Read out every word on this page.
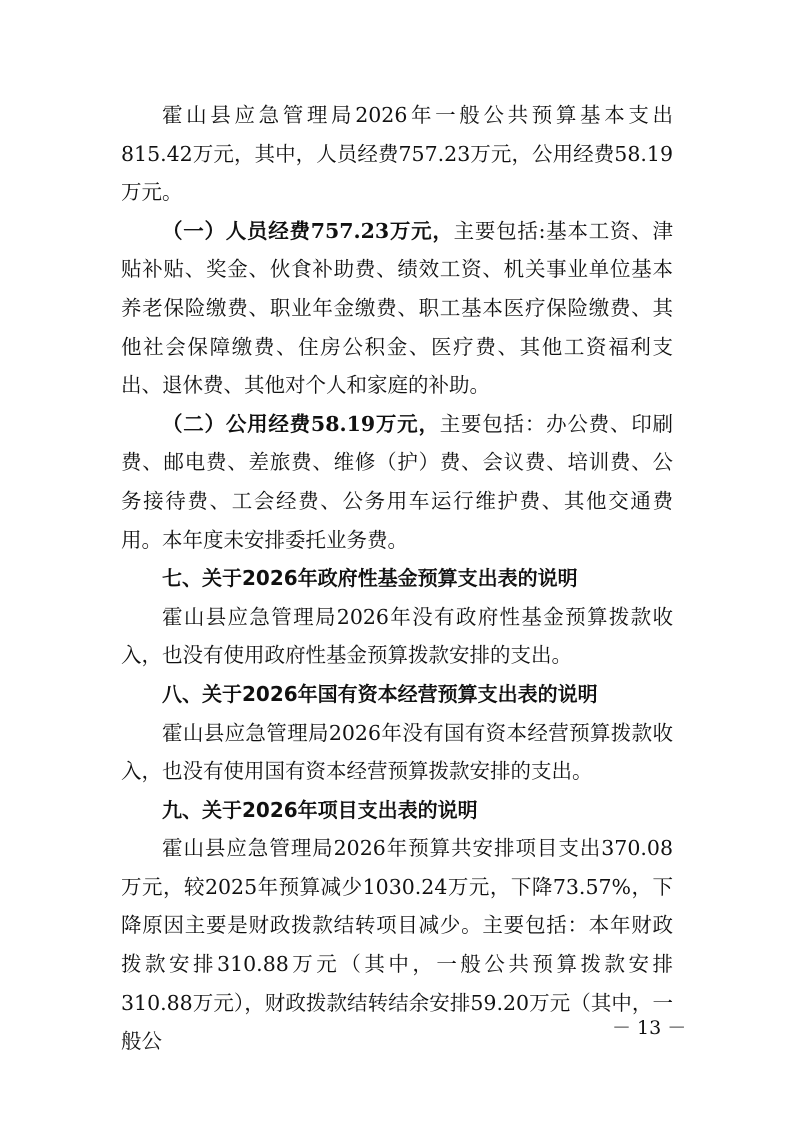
霍山县应急管理局2026年一般公共预算基本支出815.42万元，其中，人员经费757.23万元，公用经费58.19万元。

（一）人员经费757.23万元，主要包括:基本工资、津贴补贴、奖金、伙食补助费、绩效工资、机关事业单位基本养老保险缴费、职业年金缴费、职工基本医疗保险缴费、其他社会保障缴费、住房公积金、医疗费、其他工资福利支出、退休费、其他对个人和家庭的补助。

（二）公用经费58.19万元，主要包括：办公费、印刷费、邮电费、差旅费、维修（护）费、会议费、培训费、公务接待费、工会经费、公务用车运行维护费、其他交通费用。本年度未安排委托业务费。

七、关于2026年政府性基金预算支出表的说明

霍山县应急管理局2026年没有政府性基金预算拨款收入，也没有使用政府性基金预算拨款安排的支出。

八、关于2026年国有资本经营预算支出表的说明

霍山县应急管理局2026年没有国有资本经营预算拨款收入，也没有使用国有资本经营预算拨款安排的支出。

九、关于2026年项目支出表的说明

霍山县应急管理局2026年预算共安排项目支出370.08万元，较2025年预算减少1030.24万元，下降73.57%，下降原因主要是财政拨款结转项目减少。主要包括：本年财政拨款安排310.88万元（其中，一般公共预算拨款安排310.88万元），财政拨款结转结余安排59.20万元（其中，一般公

－ 13 －
